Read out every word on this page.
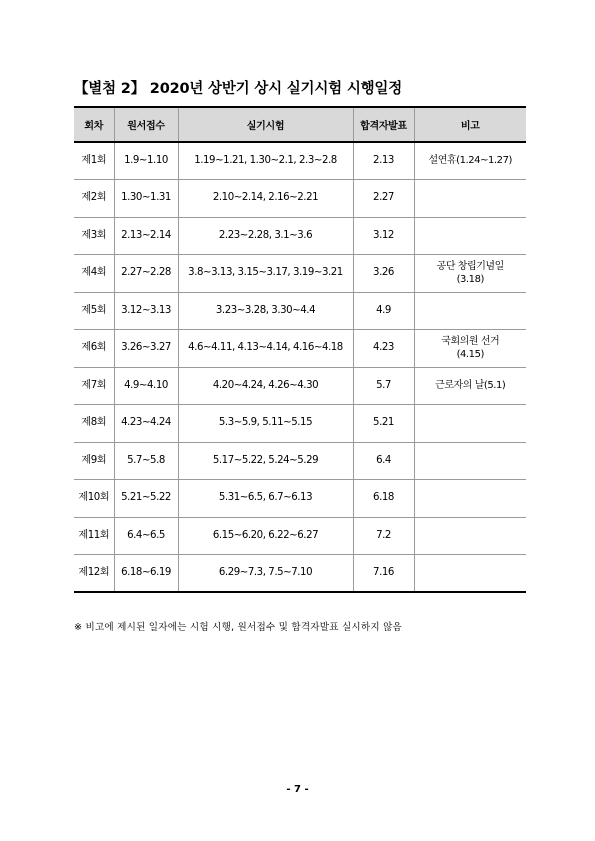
【별첨 2】 2020년 상반기 상시 실기시험 시행일정
회차	원서접수	실기시험	합격자발표	비고
제1회	1.9~1.10	1.19~1.21, 1.30~2.1, 2.3~2.8	2.13	설연휴(1.24~1.27)

제2회	1.30~1.31	2.10~2.14, 2.16~2.21	2.27	

제3회	2.13~2.14	2.23~2.28, 3.1~3.6	3.12	

제4회	2.27~2.28	3.8~3.13, 3.15~3.17, 3.19~3.21	3.26	공단 창립기념일
(3.18)

제5회	3.12~3.13	3.23~3.28, 3.30~4.4	4.9	

제6회	3.26~3.27	4.6~4.11, 4.13~4.14, 4.16~4.18	4.23	국회의원 선거
(4.15)

제7회	4.9~4.10	4.20~4.24, 4.26~4.30	5.7	근로자의 날(5.1)

제8회	4.23~4.24	5.3~5.9, 5.11~5.15	5.21	

제9회	5.7~5.8	5.17~5.22, 5.24~5.29	6.4	

제10회	5.21~5.22	5.31~6.5, 6.7~6.13	6.18	

제11회	6.4~6.5	6.15~6.20, 6.22~6.27	7.2	

제12회	6.18~6.19	6.29~7.3, 7.5~7.10	7.16	
※ 비고에 제시된 일자에는 시험 시행, 원서접수 및 합격자발표 실시하지 않음
- 7 -
